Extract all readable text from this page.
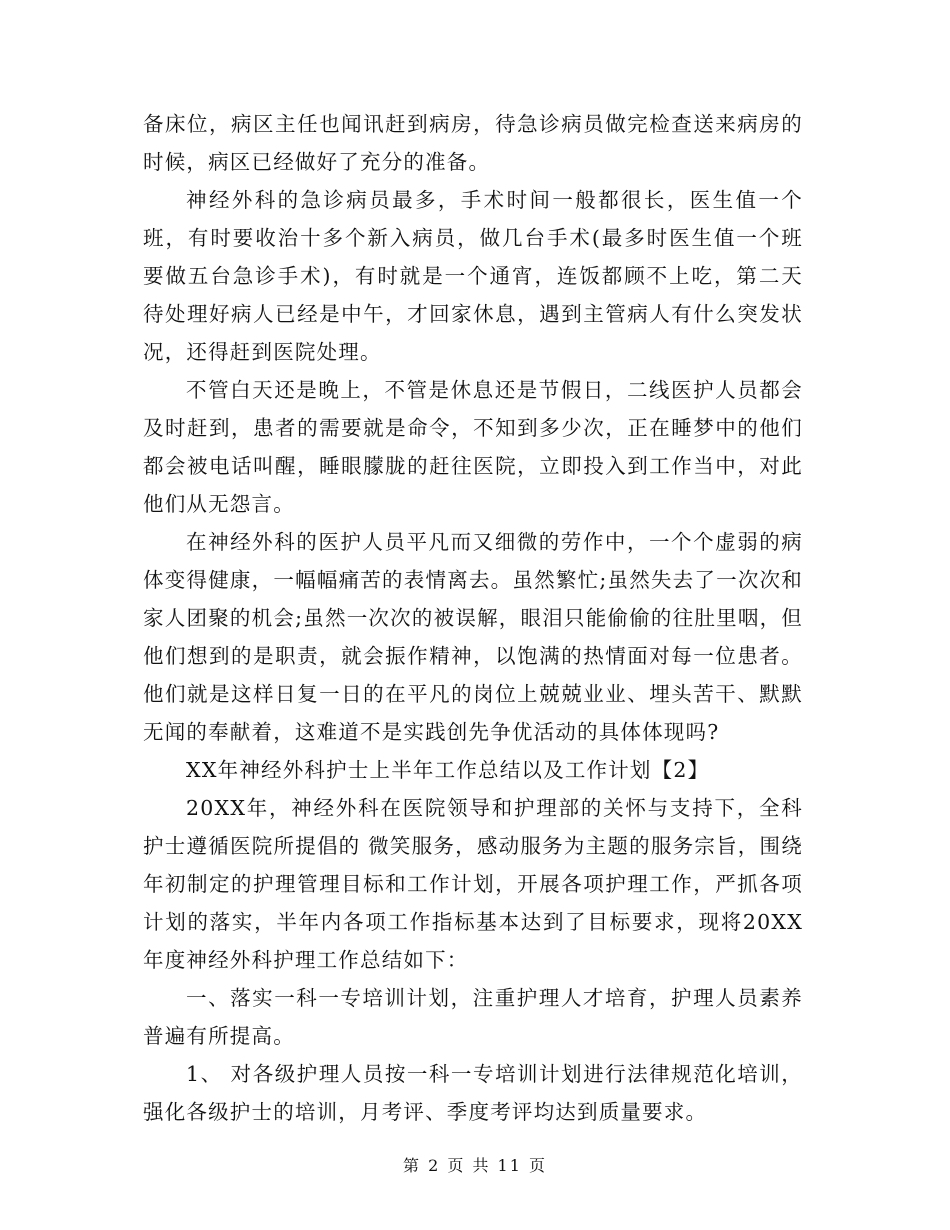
备床位，病区主任也闻讯赶到病房，待急诊病员做完检查送来病房的时候，病区已经做好了充分的准备。

神经外科的急诊病员最多，手术时间一般都很长，医生值一个班，有时要收治十多个新入病员，做几台手术(最多时医生值一个班要做五台急诊手术)，有时就是一个通宵，连饭都顾不上吃，第二天待处理好病人已经是中午，才回家休息，遇到主管病人有什么突发状况，还得赶到医院处理。

不管白天还是晚上，不管是休息还是节假日，二线医护人员都会及时赶到，患者的需要就是命令，不知到多少次，正在睡梦中的他们都会被电话叫醒，睡眼朦胧的赶往医院，立即投入到工作当中，对此他们从无怨言。

在神经外科的医护人员平凡而又细微的劳作中，一个个虚弱的病体变得健康，一幅幅痛苦的表情离去。虽然繁忙;虽然失去了一次次和家人团聚的机会;虽然一次次的被误解，眼泪只能偷偷的往肚里咽，但他们想到的是职责，就会振作精神，以饱满的热情面对每一位患者。他们就是这样日复一日的在平凡的岗位上兢兢业业、埋头苦干、默默无闻的奉献着，这难道不是实践创先争优活动的具体体现吗?

XX年神经外科护士上半年工作总结以及工作计划【2】

20XX年，神经外科在医院领导和护理部的关怀与支持下，全科护士遵循医院所提倡的 微笑服务，感动服务为主题的服务宗旨，围绕年初制定的护理管理目标和工作计划，开展各项护理工作，严抓各项计划的落实，半年内各项工作指标基本达到了目标要求，现将20XX年度神经外科护理工作总结如下：

一、落实一科一专培训计划，注重护理人才培育，护理人员素养普遍有所提高。

1、 对各级护理人员按一科一专培训计划进行法律规范化培训，强化各级护士的培训，月考评、季度考评均达到质量要求。

第 2 页 共 11 页
